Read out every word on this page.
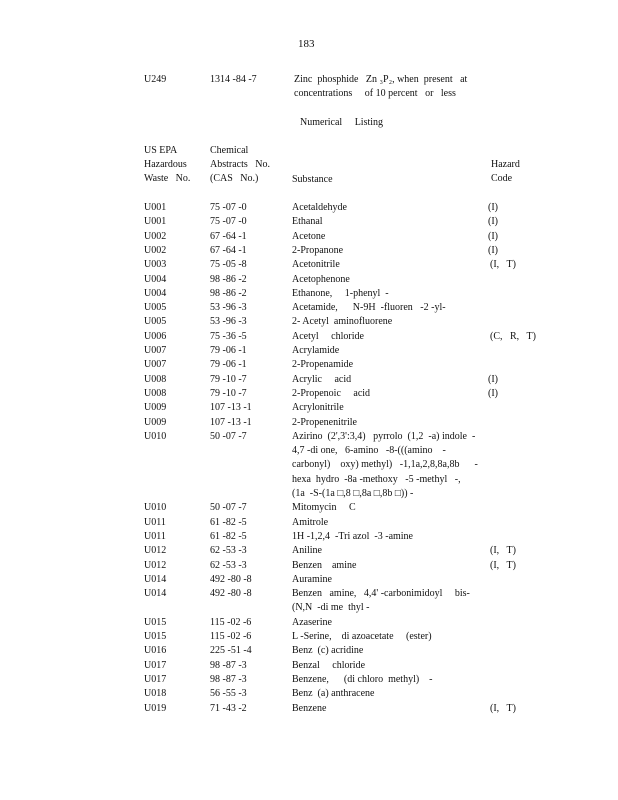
183
U249	1314 -84 -7	Zinc  phosphide   Zn ₃P₂, when  present   at
concentrations     of 10 percent   or   less
Numerical     Listing
US EPA
Hazardous
Waste   No.
Chemical
Abstracts   No.
(CAS   No.)	Substance
Hazard
Code
U001	75 -07 -0	Acetaldehyde	(I)
U001	75 -07 -0	Ethanal	(I)
U002	67 -64 -1	Acetone	(I)
U002	67 -64 -1	2-Propanone	(I)
U003	75 -05 -8	Acetonitrile	(I,   T)
U004	98 -86 -2	Acetophenone
U004	98 -86 -2	Ethanone,     1-phenyl  -
U005	53 -96 -3	Acetamide,      N-9H  -fluoren   -2 -yl-
U005	53 -96 -3	2- Acetyl  aminofluorene
U006	75 -36 -5	Acetyl     chloride	(C,   R,   T)
U007	79 -06 -1	Acrylamide
U007	79 -06 -1	2-Propenamide
U008	79 -10 -7	Acrylic     acid	(I)
U008	79 -10 -7	2-Propenoic     acid	(I)
U009	107 -13 -1	Acrylonitrile
U009	107 -13 -1	2-Propenenitrile
U010	50 -07 -7	Azirino  (2',3':3,4)   pyrrolo  (1,2  -a) indole  -
4,7 -di one,   6-amino   -8-(((amino    -
carbonyl)    oxy) methyl)   -1,1a,2,8,8a,8b      -
hexa  hydro  -8a -methoxy   -5 -methyl   -,
(1a  -S-(1a □,8 □,8a □,8b □)) -
U010	50 -07 -7	Mitomycin     C
U011	61 -82 -5	Amitrole
U011	61 -82 -5	1H -1,2,4  -Tri azol  -3 -amine
U012	62 -53 -3	Aniline	(I,   T)
U012	62 -53 -3	Benzen    amine	(I,   T)
U014	492 -80 -8	Auramine
U014	492 -80 -8	Benzen   amine,   4,4' -carbonimidoyl     bis-
(N,N  -di me  thyl -
U015	115 -02 -6	Azaserine
U015	115 -02 -6	L -Serine,    di azoacetate     (ester)
U016	225 -51 -4	Benz  (c) acridine
U017	98 -87 -3	Benzal     chloride
U017	98 -87 -3	Benzene,      (di chloro  methyl)    -
U018	56 -55 -3	Benz  (a) anthracene
U019	71 -43 -2	Benzene	(I,   T)
